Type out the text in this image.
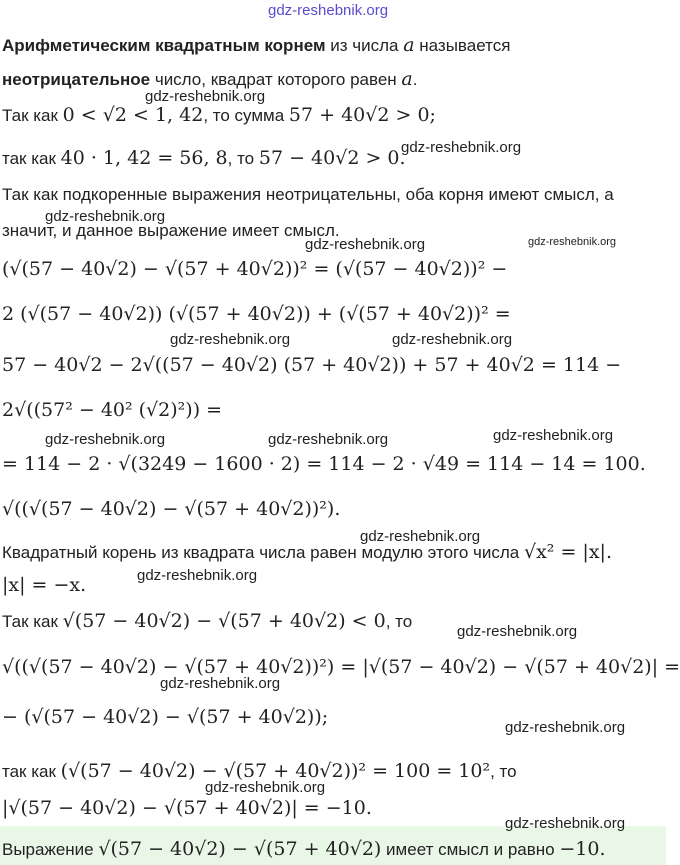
gdz-reshebnik.org
Арифметическим квадратным корнем из числа a называется
неотрицательное число, квадрат которого равен a.
gdz-reshebnik.org
Так как 0 < √2 < 1, 42, то сумма 57 + 40√2 > 0;
gdz-reshebnik.org
так как 40 · 1, 42 = 56, 8, то 57 − 40√2 > 0.
Так как подкоренные выражения неотрицательны, оба корня имеют смысл, а
gdz-reshebnik.org
значит, и данное выражение имеет смысл.
gdz-reshebnik.org	gdz-reshebnik.org
(√(57 − 40√2) − √(57 + 40√2))² = (√(57 − 40√2))² −
2 (√(57 − 40√2)) (√(57 + 40√2)) + (√(57 + 40√2))² =
gdz-reshebnik.org	gdz-reshebnik.org
57 − 40√2 − 2√((57 − 40√2) (57 + 40√2)) + 57 + 40√2 = 114 −
2√((57² − 40² (√2)²)) =
gdz-reshebnik.org	gdz-reshebnik.org	gdz-reshebnik.org
= 114 − 2 · √(3249 − 1600 · 2) = 114 − 2 · √49 = 114 − 14 = 100.
√((√(57 − 40√2) − √(57 + 40√2))²).
gdz-reshebnik.org
Квадратный корень из квадрата числа равен модулю этого числа √x² = |x|.
|x| = −x.	gdz-reshebnik.org
Так как √(57 − 40√2) − √(57 + 40√2) < 0, то
gdz-reshebnik.org
√((√(57 − 40√2) − √(57 + 40√2))²) = |√(57 − 40√2) − √(57 + 40√2)| =
gdz-reshebnik.org
− (√(57 − 40√2) − √(57 + 40√2));	gdz-reshebnik.org
так как (√(57 − 40√2) − √(57 + 40√2))² = 100 = 10², то
gdz-reshebnik.org
|√(57 − 40√2) − √(57 + 40√2)| = −10.
gdz-reshebnik.org
Выражение √(57 − 40√2) − √(57 + 40√2) имеет смысл и равно −10.
